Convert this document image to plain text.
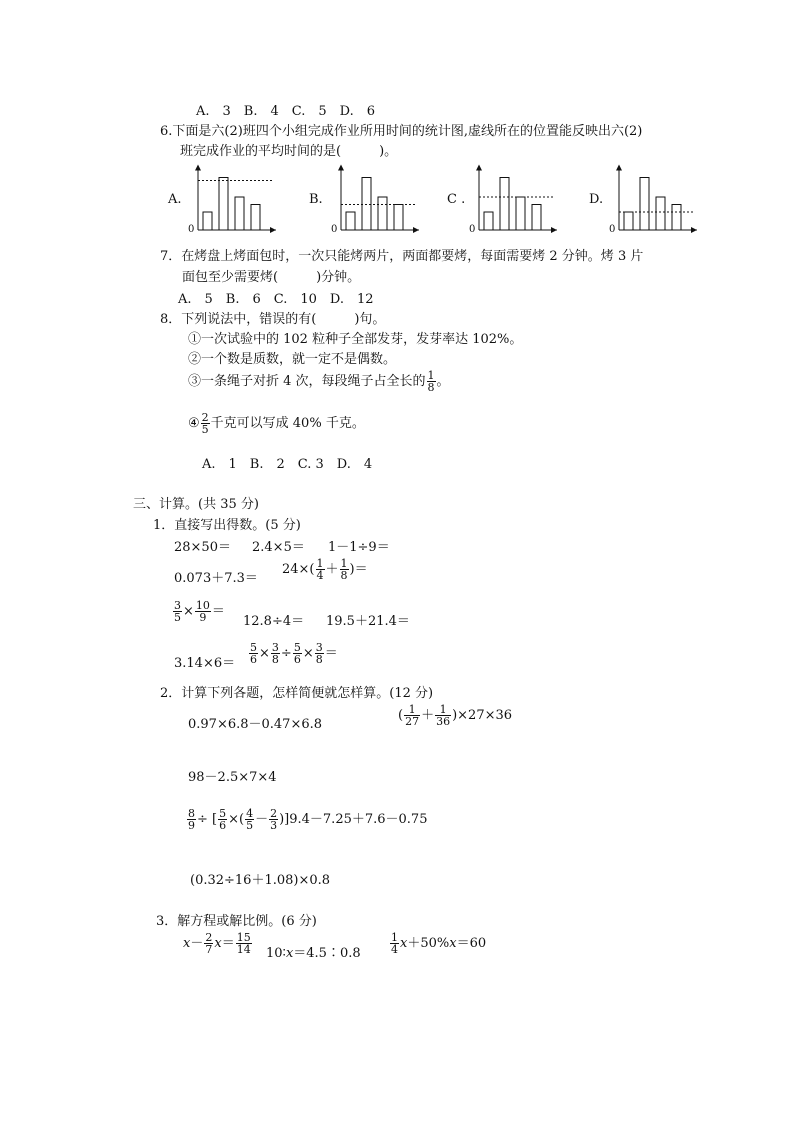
A.　3　B.　4　C.　5　D.　6
6.下面是六(2)班四个小组完成作业所用时间的统计图,虚线所在的位置能反映出六(2)
班完成作业的平均时间的是(	)。
A.
0
B.
0
C .
0
D.
0
7．在烤盘上烤面包时，一次只能烤两片，两面都要烤，每面需要烤 2 分钟。烤 3 片
面包至少需要烤(	)分钟。
A.　5　B.　6　C.　10　D.　12
8．下列说法中，错误的有(	)句。
①一次试验中的 102 粒种子全部发芽，发芽率达 102%。
②一个数是质数，就一定不是偶数。
③一条绳子对折 4 次，每段绳子占全长的 $\frac{1}{8}$ 。
④ $\frac{2}{5}$ 千克可以写成 40% 千克。
A.　1　B.　2　C. 3　D.　4
三、计算。(共 35 分)
1．直接写出得数。(5 分)
28×50＝ 2.4×5＝ 1－1÷9＝
0.073＋7.3＝
$24\times( \frac{1}{4} + \frac{1}{8}$ )＝
$\frac{3}{5} \times \frac{10}{9}$ ＝
12.8÷4＝ 19.5＋21.4＝
$3.14\times 6= \frac{5}{6} \times \frac{3}{8} \div \frac{5}{6} \times \frac{3}{8}$ ＝
2．计算下列各题，怎样简便就怎样算。(12 分)
0.97×6.8－0.47×6.8
( $\frac{1}{27} + \frac{1}{36} )\times 27\times 36$
98－2.5×7×4
$\frac{8}{9}$ ÷ [ $\frac{5}{6}$ ×( $\frac{4}{5} - \frac{2}{3} )]9.4-7.25+7.6-0.75$
(0.32÷16＋1.08)×0.8
3．解方程或解比例。(6 分)
$x- \frac{2}{7} x= \frac{15}{14}$ 10∶x＝4.5∶0.8	$\frac{1}{4} x+50\%x=60$
